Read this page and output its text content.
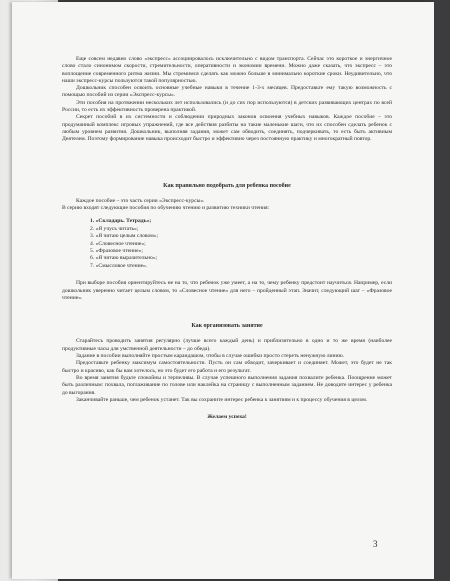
Еще совсем недавно слово «экспресс» ассоциировалось исключительно с видом транспорта. Сейчас это короткое и энергичное слово стало синонимом скорости, стремительности, оперативности и экономии времени. Можно даже сказать, что экспресс – это воплощение современного ритма жизни. Мы стремимся сделать как можно больше в минимально короткие сроки. Неудивительно, что наши экспресс-курсы пользуются такой популярностью.

Дошкольник способен освоить основные учебные навыки в течение 1-3-х месяцев. Предоставьте ему такую возможность с помощью пособий из серии «Экспресс-курсы».

Эти пособия на протяжении нескольких лет использовались (и до сих пор используются) в детских развивающих центрах по всей России, то есть их эффективность проверена практикой.

Секрет пособий в их системности и соблюдении природных законов освоения учебных навыков. Каждое пособие – это продуманный комплекс игровых упражнений, где все действия разбиты на такие маленькие шаги, что их способен сделать ребенок с любым уровнем развития. Дошкольник, выполняя задания, может сам обводить, соединять, подчеркивать, то есть быть активным Деятелем. Поэтому формирование навыка происходит быстро и эффективно через постоянную практику и многократный повтор.

Как правильно подобрать для ребенка пособие

Каждое пособие – это часть серии «Экспресс-курсы».

В серию входят следующие пособия по обучению чтению и развитию техники чтения:

1. «Складарь. Тетрадь»;
2. «Я учусь читать»;
3. «Я читаю целым словом»;
4. «Словесное чтение»;
5. «Фразовое чтение»;
6. «Я читаю выразительно»;
7. «Смысловое чтение».

При выборе пособия ориентируйтесь не на то, что ребенок уже умеет, а на то, чему ребенку предстоит научиться. Например, если дошкольник уверенно читает целым словом, то «Словесное чтение» для него – пройденный этап. Значит, следующий шаг – «Фразовое чтение».

Как организовать занятие

Старайтесь проводить занятия регулярно (лучше всего каждый день) и приблизительно в одно и то же время (наиболее продуктивные часы для умственной деятельности – до обеда).

Задание в пособии выполняйте простым карандашом, чтобы в случае ошибки просто стереть ненужную линию.

Предоставьте ребенку максимум самостоятельности. Пусть он сам обводит, зачеркивает и соединяет. Может, это будет не так быстро и красиво, как бы вам хотелось, но это будет его работа и его результат.

Во время занятия будьте спокойны и терпеливы. В случае успешного выполнения задания похвалите ребенка. Поощрение может быть различным: похвала, поглаживание по голове или наклейка на страницу с выполненным заданием. Не доводите интерес у ребенка до выгорания.

Заканчивайте раньше, чем ребенок устанет. Так вы сохраните интерес ребенка к занятиям и к процессу обучения в целом.

Желаем успеха!

3
